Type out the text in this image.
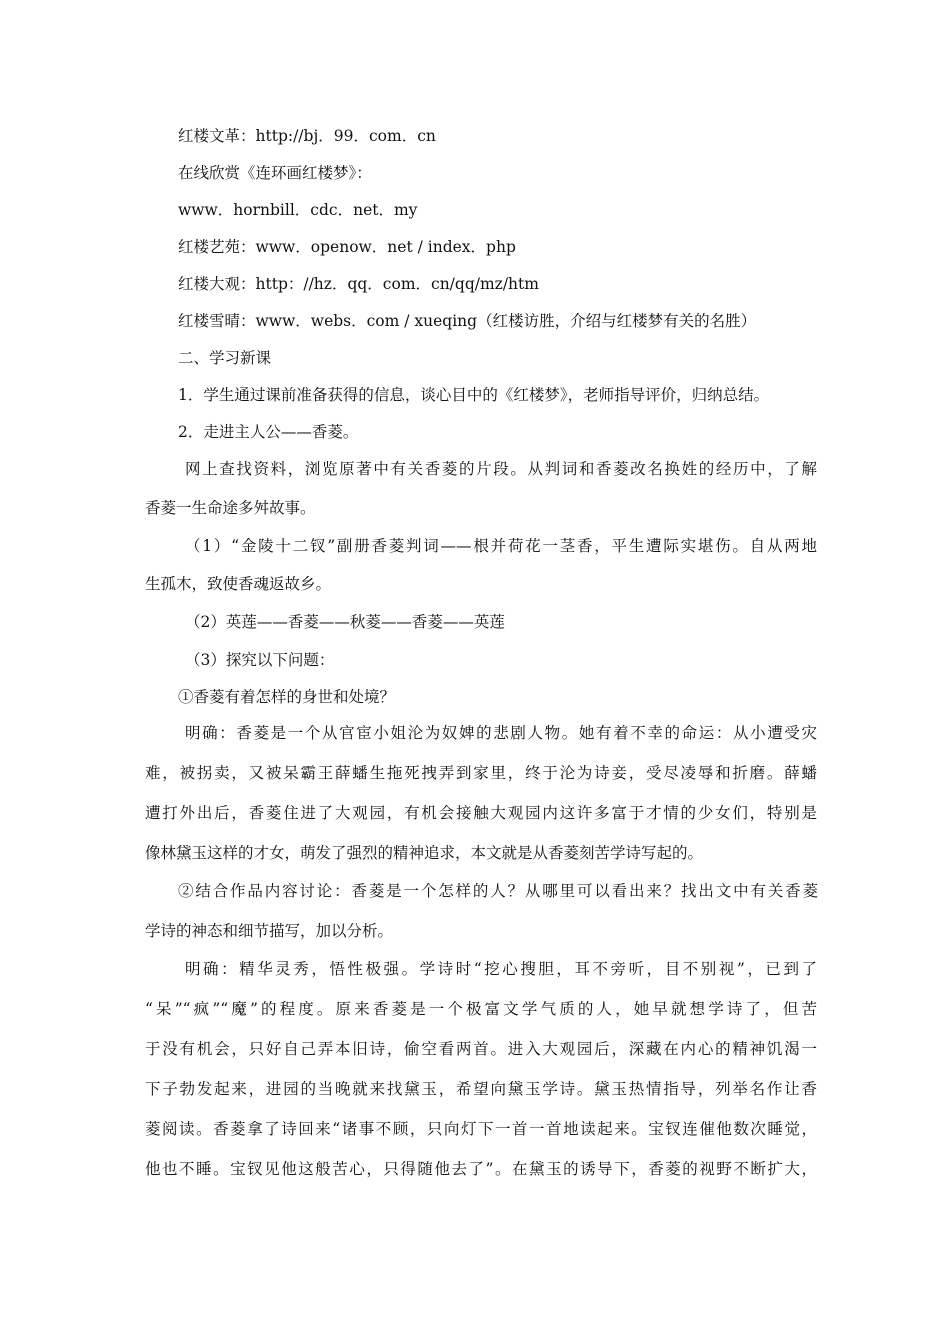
红楼文革：http://bj．99．com．cn
在线欣赏《连环画红楼梦》：
www．hornbill．cdc．net．my
红楼艺苑：www．openow．net / index．php
红楼大观：http：//hz．qq．com．cn/qq/mz/htm
红楼雪晴：www．webs．com / xueqing（红楼访胜，介绍与红楼梦有关的名胜）
二、学习新课
1．学生通过课前准备获得的信息，谈心目中的《红楼梦》，老师指导评价，归纳总结。
2．走进主人公——香菱。
网上查找资料，浏览原著中有关香菱的片段。从判词和香菱改名换姓的经历中，了解
香菱一生命途多舛故事。
（1）“金陵十二钗”副册香菱判词——根并荷花一茎香，平生遭际实堪伤。自从两地
生孤木，致使香魂返故乡。
（2）英莲——香菱——秋菱——香菱——英莲
（3）探究以下问题：
①香菱有着怎样的身世和处境？
明确：香菱是一个从官宦小姐沦为奴婢的悲剧人物。她有着不幸的命运：从小遭受灾
难，被拐卖，又被呆霸王薛蟠生拖死拽弄到家里，终于沦为诗妾，受尽凌辱和折磨。薛蟠
遭打外出后，香菱住进了大观园，有机会接触大观园内这许多富于才情的少女们，特别是
像林黛玉这样的才女，萌发了强烈的精神追求，本文就是从香菱刻苦学诗写起的。
②结合作品内容讨论：香菱是一个怎样的人？从哪里可以看出来？找出文中有关香菱
学诗的神态和细节描写，加以分析。
明确：精华灵秀，悟性极强。学诗时“挖心搜胆，耳不旁听，目不别视”，已到了
“呆”“疯”“魔”的程度。原来香菱是一个极富文学气质的人，她早就想学诗了，但苦
于没有机会，只好自己弄本旧诗，偷空看两首。进入大观园后，深藏在内心的精神饥渴一
下子勃发起来，进园的当晚就来找黛玉，希望向黛玉学诗。黛玉热情指导，列举名作让香
菱阅读。香菱拿了诗回来“诸事不顾，只向灯下一首一首地读起来。宝钗连催他数次睡觉，
他也不睡。宝钗见他这般苦心，只得随他去了”。在黛玉的诱导下，香菱的视野不断扩大，
